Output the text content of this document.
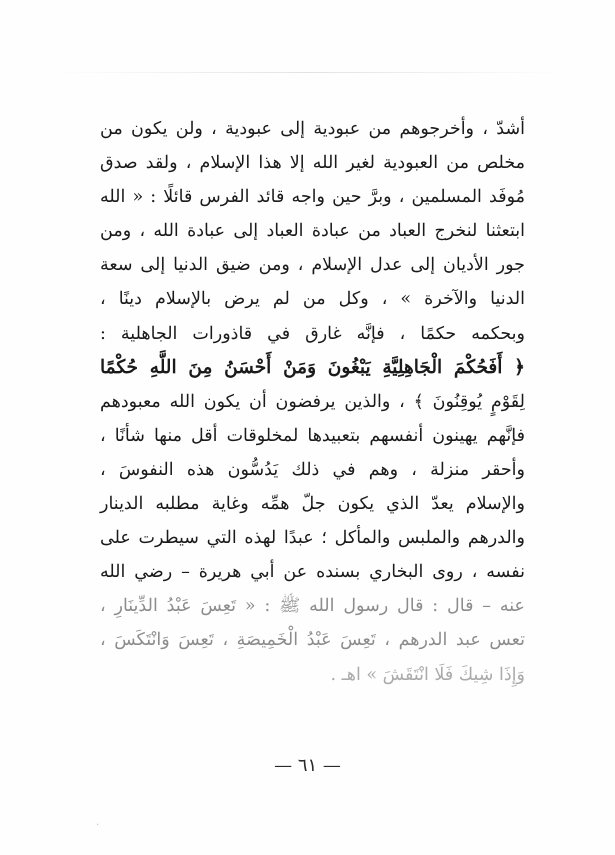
أشدّ ، وأخرجوهم من عبودية إلى عبودية ، ولن يكون من
مخلص من العبودية لغير الله إلا هذا الإسلام ، ولقد صدق
مُوفَد المسلمين ، وبرَّ حين واجه قائد الفرس قائلًا : « الله
ابتعثنا لنخرج العباد من عبادة العباد إلى عبادة الله ، ومن
جور الأديان إلى عدل الإسلام ، ومن ضيق الدنيا إلى سعة
الدنيا والآخرة » ، وكل من لم يرض بالإسلام دينًا ،
وبحكمه حكمًا ، فإنَّه غارق في قاذورات الجاهلية :
﴿ أَفَحُكْمَ الْجَاهِلِيَّةِ يَبْغُونَ وَمَنْ أَحْسَنُ مِنَ اللَّهِ حُكْمًا
لِقَوْمٍ يُوقِنُونَ ﴾ ، والذين يرفضون أن يكون الله معبودهم
فإنَّهم يهينون أنفسهم بتعبيدها لمخلوقات أقل منها شأنًا ،
وأحقر منزلة ، وهم في ذلك يَدُسُّون هذه النفوسَ ،
والإسلام يعدّ الذي يكون جلّ همِّه وغاية مطلبه الدينار
والدرهم والملبس والمأكل ؛ عبدًا لهذه التي سيطرت على
نفسه ، روى البخاري بسنده عن أبي هريرة – رضي الله
عنه – قال : قال رسول الله ﷺ : « تَعِسَ عَبْدُ الدِّينَارِ ،
تعس عبد الدرهم ، تَعِسَ عَبْدُ الْخَمِيصَةِ ، تَعِسَ وَانْتَكَسَ ،
وَإِذَا شِيكَ فَلَا انْتَقَشَ » اهـ .
— ٦١ —
·
